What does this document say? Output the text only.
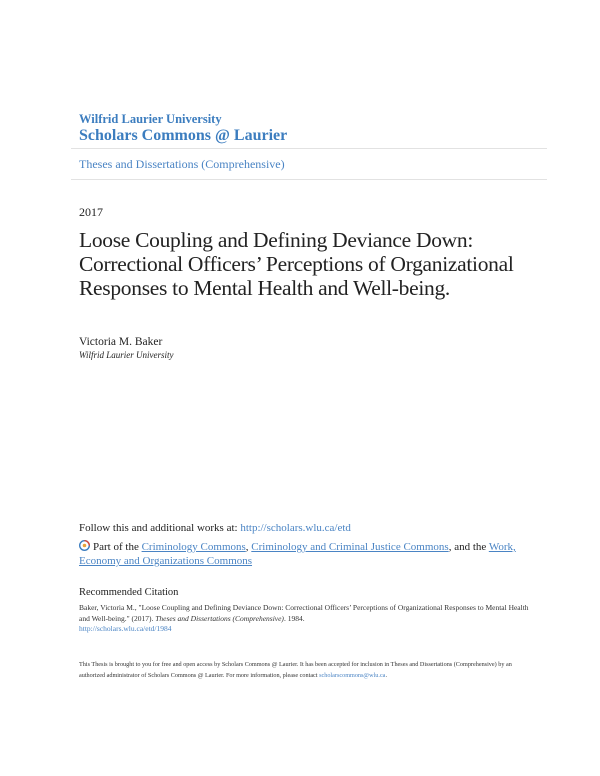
Wilfrid Laurier University
Scholars Commons @ Laurier
Theses and Dissertations (Comprehensive)
2017
Loose Coupling and Defining Deviance Down: Correctional Officers’ Perceptions of Organizational Responses to Mental Health and Well-being.
Victoria M. Baker
Wilfrid Laurier University
Follow this and additional works at: http://scholars.wlu.ca/etd
Part of the Criminology Commons, Criminology and Criminal Justice Commons, and the Work, Economy and Organizations Commons
Recommended Citation
Baker, Victoria M., "Loose Coupling and Defining Deviance Down: Correctional Officers’ Perceptions of Organizational Responses to Mental Health and Well-being." (2017). Theses and Dissertations (Comprehensive). 1984.
http://scholars.wlu.ca/etd/1984
This Thesis is brought to you for free and open access by Scholars Commons @ Laurier. It has been accepted for inclusion in Theses and Dissertations (Comprehensive) by an authorized administrator of Scholars Commons @ Laurier. For more information, please contact scholarscommons@wlu.ca.
